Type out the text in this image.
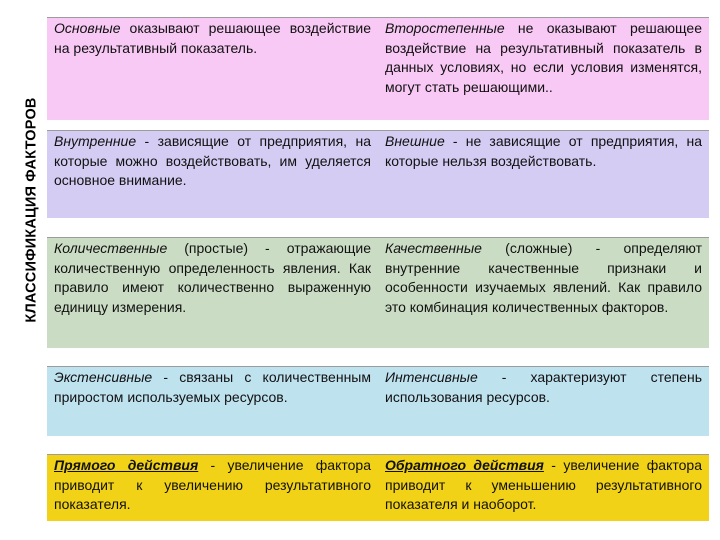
КЛАССИФИКАЦИЯ ФАКТОРОВ
Основные оказывают решающее воздействие на результативный показатель.
Второстепенные не оказывают решающее воздействие на результативный показатель в данных условиях, но если условия изменятся, могут стать решающими..
Внутренние - зависящие от предприятия, на которые можно воздействовать, им уделяется основное внимание.
Внешние - не зависящие от предприятия, на которые нельзя воздействовать.
Количественные (простые) - отражающие количественную определенность явления. Как правило имеют количественно выраженную единицу измерения.
Качественные (сложные) - определяют внутренние качественные признаки и особенности изучаемых явлений. Как правило это комбинация количественных факторов.
Экстенсивные - связаны с количественным приростом используемых ресурсов.
Интенсивные - характеризуют степень использования ресурсов.
Прямого действия - увеличение фактора приводит к увеличению результативного показателя.
Обратного действия - увеличение фактора приводит к уменьшению результативного показателя и наоборот.
